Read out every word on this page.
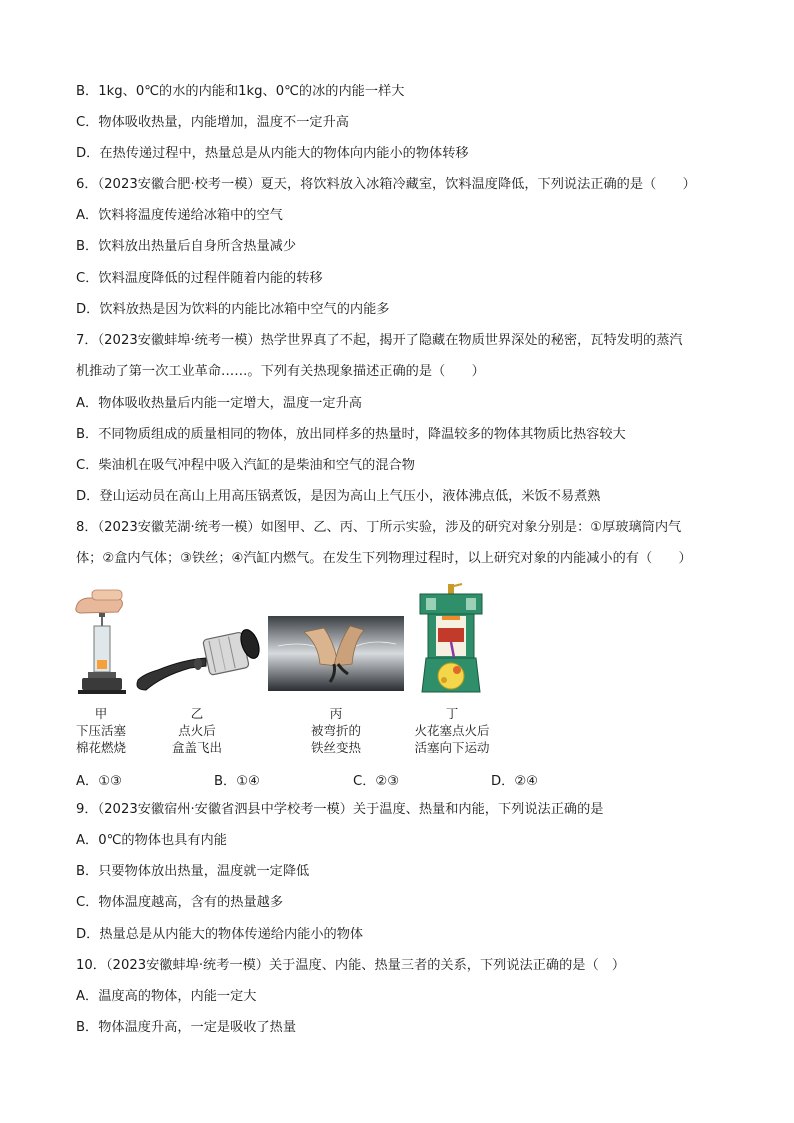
B．1kg、0℃的水的内能和1kg、0℃的冰的内能一样大
C．物体吸收热量，内能增加，温度不一定升高
D．在热传递过程中，热量总是从内能大的物体向内能小的物体转移
6．（2023安徽合肥·校考一模）夏天，将饮料放入冰箱冷藏室，饮料温度降低，下列说法正确的是（　　）
A．饮料将温度传递给冰箱中的空气
B．饮料放出热量后自身所含热量减少
C．饮料温度降低的过程伴随着内能的转移
D．饮料放热是因为饮料的内能比冰箱中空气的内能多
7．（2023安徽蚌埠·统考一模）热学世界真了不起，揭开了隐藏在物质世界深处的秘密，瓦特发明的蒸汽
机推动了第一次工业革命……。下列有关热现象描述正确的是（　　）
A．物体吸收热量后内能一定增大，温度一定升高
B．不同物质组成的质量相同的物体，放出同样多的热量时，降温较多的物体其物质比热容较大
C．柴油机在吸气冲程中吸入汽缸的是柴油和空气的混合物
D．登山运动员在高山上用高压锅煮饭，是因为高山上气压小，液体沸点低，米饭不易煮熟
8．（2023安徽芜湖·统考一模）如图甲、乙、丙、丁所示实验，涉及的研究对象分别是：①厚玻璃筒内气
体；②盒内气体；③铁丝；④汽缸内燃气。在发生下列物理过程时，以上研究对象的内能减小的有（　　）
甲
下压活塞
棉花燃烧
乙
点火后
盒盖飞出
丙
被弯折的
铁丝变热
丁
火花塞点火后
活塞向下运动
A．①③	B．①④	C．②③	D．②④
9．（2023安徽宿州·安徽省泗县中学校考一模）关于温度、热量和内能，下列说法正确的是
A．0℃的物体也具有内能
B．只要物体放出热量，温度就一定降低
C．物体温度越高，含有的热量越多
D．热量总是从内能大的物体传递给内能小的物体
10．（2023安徽蚌埠·统考一模）关于温度、内能、热量三者的关系，下列说法正确的是（　）
A．温度高的物体，内能一定大
B．物体温度升高，一定是吸收了热量
